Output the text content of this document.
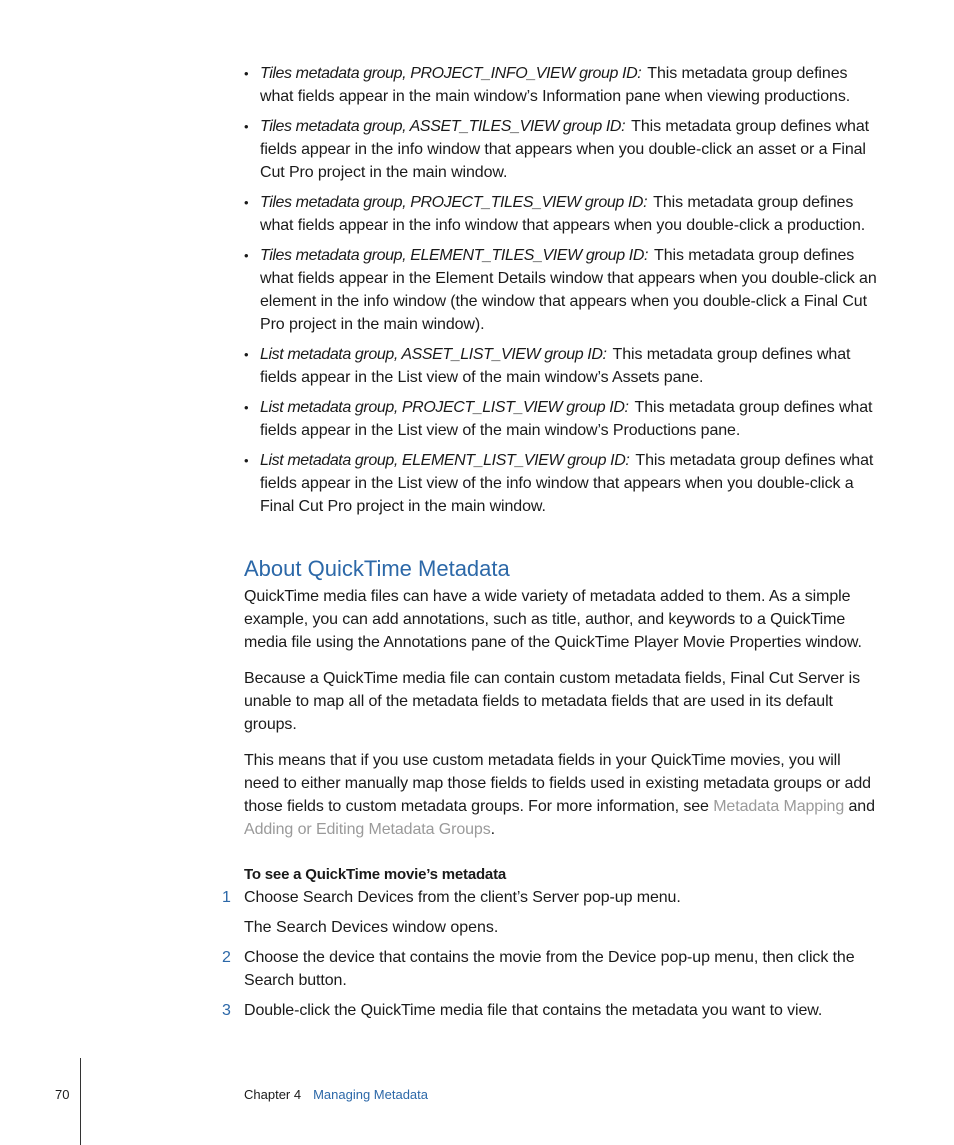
• Tiles metadata group, PROJECT_INFO_VIEW group ID: This metadata group defines what fields appear in the main window’s Information pane when viewing productions.
• Tiles metadata group, ASSET_TILES_VIEW group ID: This metadata group defines what fields appear in the info window that appears when you double-click an asset or a Final Cut Pro project in the main window.
• Tiles metadata group, PROJECT_TILES_VIEW group ID: This metadata group defines what fields appear in the info window that appears when you double-click a production.
• Tiles metadata group, ELEMENT_TILES_VIEW group ID: This metadata group defines what fields appear in the Element Details window that appears when you double-click an element in the info window (the window that appears when you double-click a Final Cut Pro project in the main window).
• List metadata group, ASSET_LIST_VIEW group ID: This metadata group defines what fields appear in the List view of the main window’s Assets pane.
• List metadata group, PROJECT_LIST_VIEW group ID: This metadata group defines what fields appear in the List view of the main window’s Productions pane.
• List metadata group, ELEMENT_LIST_VIEW group ID: This metadata group defines what fields appear in the List view of the info window that appears when you double-click a Final Cut Pro project in the main window.
About QuickTime Metadata

QuickTime media files can have a wide variety of metadata added to them. As a simple example, you can add annotations, such as title, author, and keywords to a QuickTime media file using the Annotations pane of the QuickTime Player Movie Properties window.

Because a QuickTime media file can contain custom metadata fields, Final Cut Server is unable to map all of the metadata fields to metadata fields that are used in its default groups.

This means that if you use custom metadata fields in your QuickTime movies, you will need to either manually map those fields to fields used in existing metadata groups or add those fields to custom metadata groups. For more information, see Metadata Mapping and Adding or Editing Metadata Groups.

To see a QuickTime movie’s metadata
1 Choose Search Devices from the client’s Server pop-up menu.
The Search Devices window opens.
2 Choose the device that contains the movie from the Device pop-up menu, then click the Search button.
3 Double-click the QuickTime media file that contains the metadata you want to view.
70	Chapter 4 Managing Metadata
